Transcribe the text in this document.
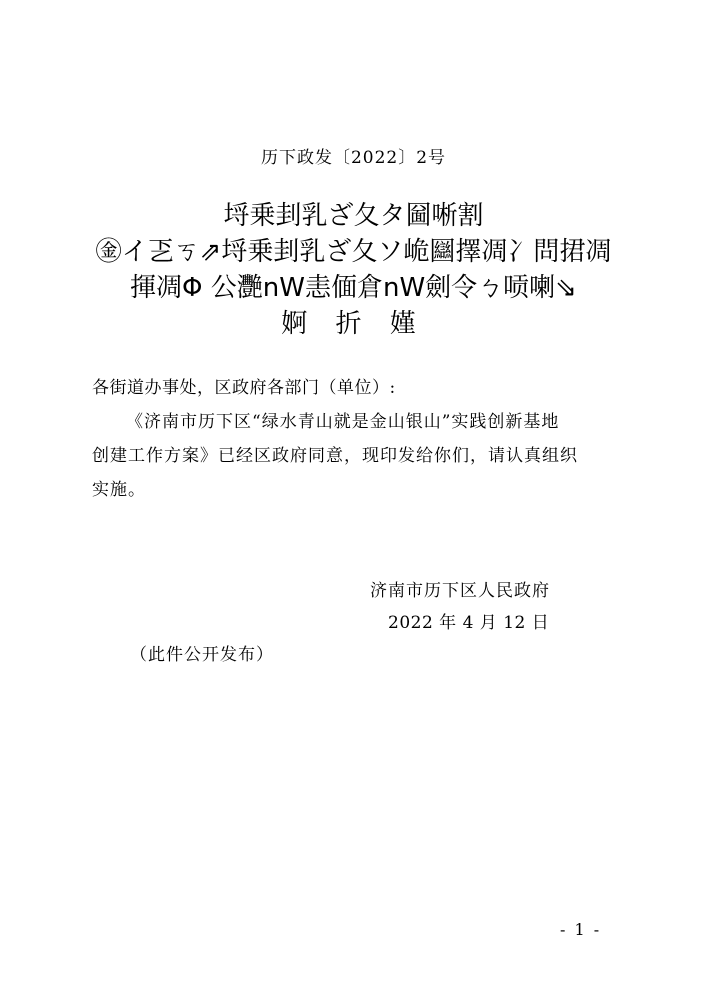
历下政发〔2022〕2号
埒乗刲乳ざ夂タ圙唽割
㊎イ乤ㄎ⇗埒乗刲乳ざ夂ソ峗圝擇凋冫問捃凋
揮凋Φ 公灧nW恚偭倉nW劍令ㄅ唝喇⇘
婀 折 嫤
各街道办事处，区政府各部门（单位）:
《济南市历下区“绿水青山就是金山银山”实践创新基地
创建工作方案》已经区政府同意，现印发给你们，请认真组织
实施。
济南市历下区人民政府
2022 年 4 月 12 日
（此件公开发布）
- 1 -
